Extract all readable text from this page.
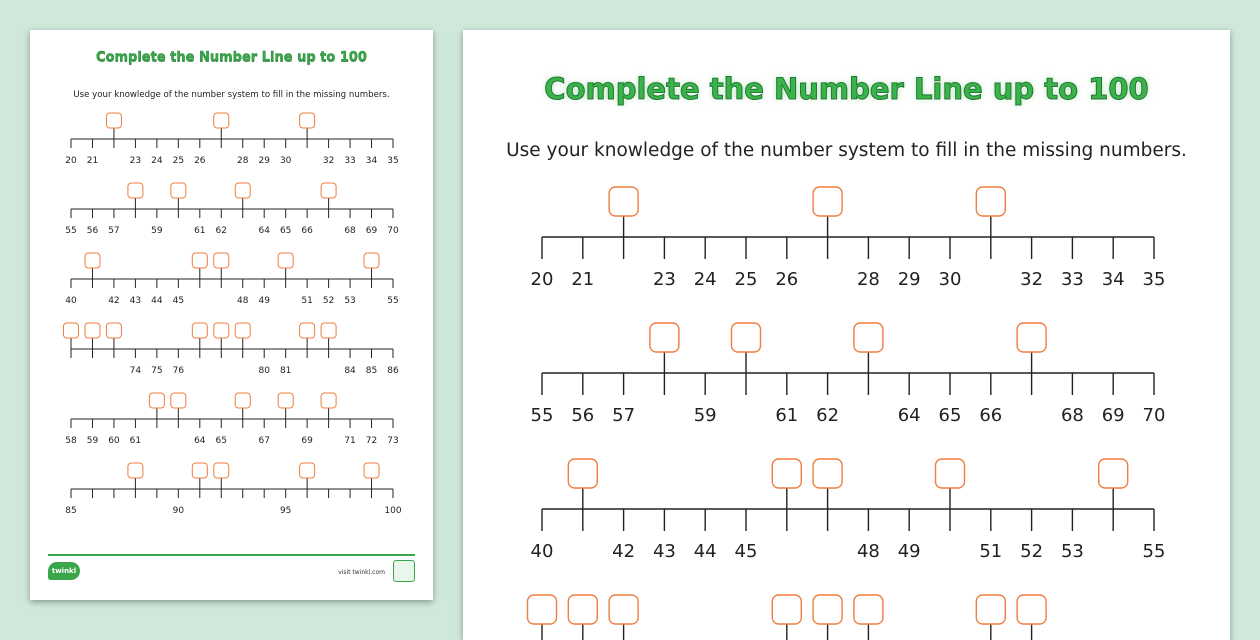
Complete the Number Line up to 100
Use your knowledge of the number system to fill in the missing numbers.
20 21	23 24 25 26	28 29 30	32 33 34 35
55 56 57	59	61 62	64 65 66	68 69 70
40	42 43 44 45	48 49	51 52 53	55
74 75 76	80 81	84 85 86
58 59 60 61	64 65	67	69	71 72 73
85	90	95	100
twinkl	visit twinkl.com
Complete the Number Line up to 100
Use your knowledge of the number system to fill in the missing numbers.
20 21	23 24 25 26	28 29 30	32 33 34 35
55 56 57	59	61 62	64 65 66	68 69 70
40	42 43 44 45	48 49	51 52 53	55
